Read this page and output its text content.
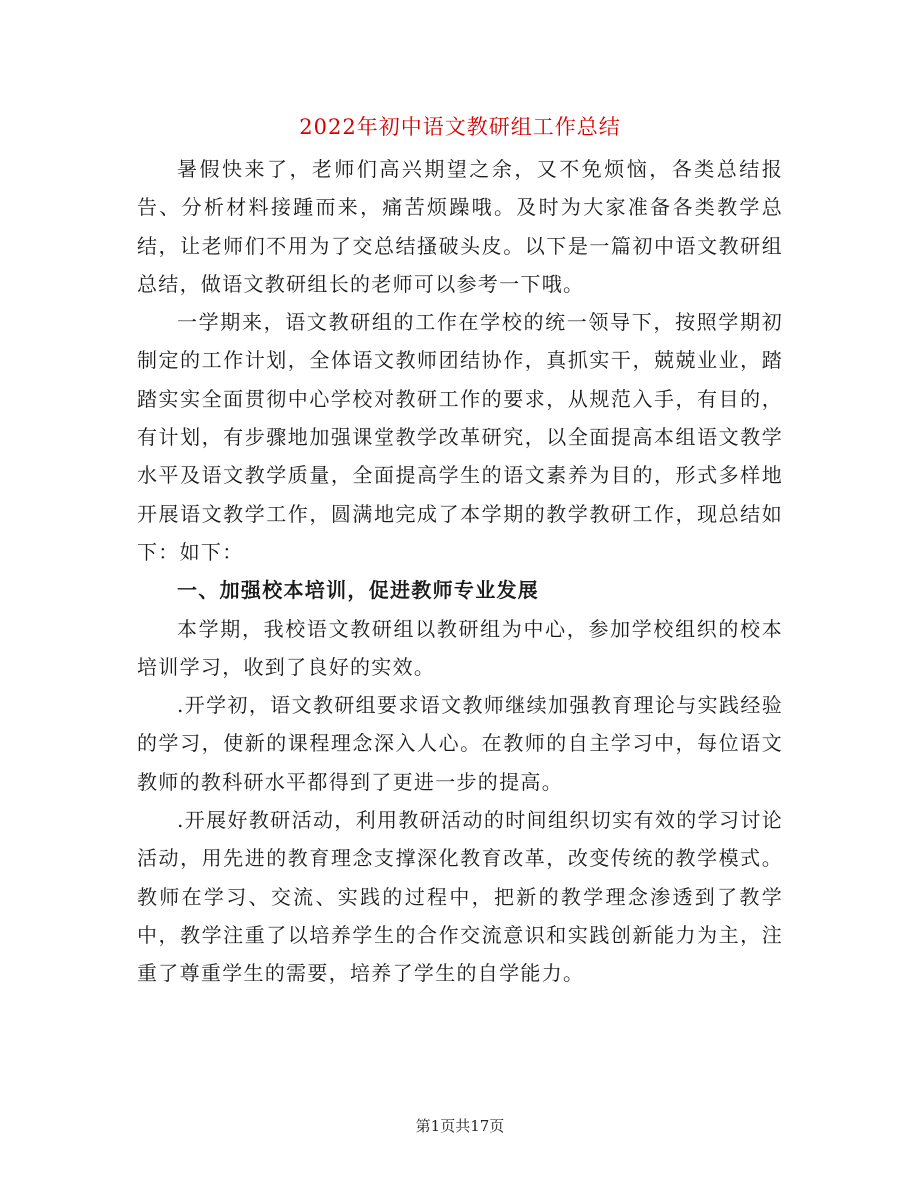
2022年初中语文教研组工作总结

暑假快来了，老师们高兴期望之余，又不免烦恼，各类总结报告、分析材料接踵而来，痛苦烦躁哦。及时为大家准备各类教学总结，让老师们不用为了交总结搔破头皮。以下是一篇初中语文教研组总结，做语文教研组长的老师可以参考一下哦。

一学期来，语文教研组的工作在学校的统一领导下，按照学期初制定的工作计划，全体语文教师团结协作，真抓实干，兢兢业业，踏踏实实全面贯彻中心学校对教研工作的要求，从规范入手，有目的，有计划，有步骤地加强课堂教学改革研究，以全面提高本组语文教学水平及语文教学质量，全面提高学生的语文素养为目的，形式多样地开展语文教学工作，圆满地完成了本学期的教学教研工作，现总结如下：如下：

一、加强校本培训，促进教师专业发展

本学期，我校语文教研组以教研组为中心，参加学校组织的校本培训学习，收到了良好的实效。

.开学初，语文教研组要求语文教师继续加强教育理论与实践经验的学习，使新的课程理念深入人心。在教师的自主学习中，每位语文教师的教科研水平都得到了更进一步的提高。

.开展好教研活动，利用教研活动的时间组织切实有效的学习讨论活动，用先进的教育理念支撑深化教育改革，改变传统的教学模式。教师在学习、交流、实践的过程中，把新的教学理念渗透到了教学中，教学注重了以培养学生的合作交流意识和实践创新能力为主，注重了尊重学生的需要，培养了学生的自学能力。

第1页共17页
